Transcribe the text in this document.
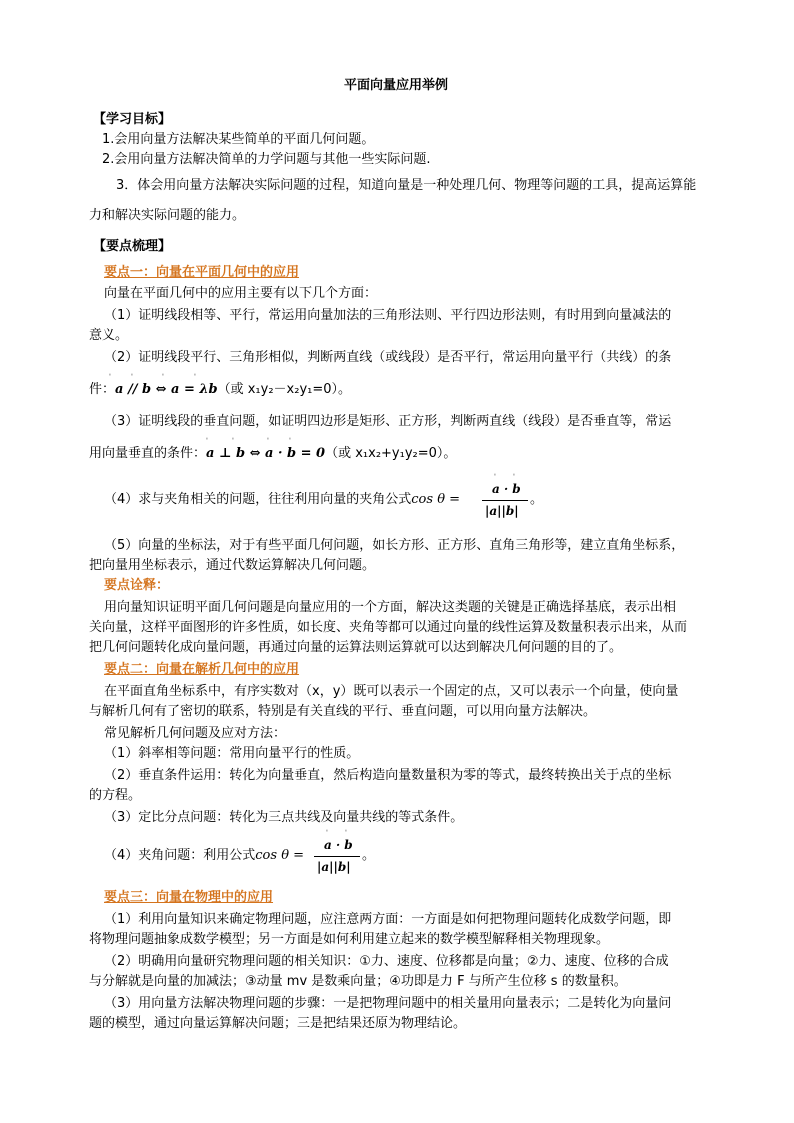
平面向量应用举例
【学习目标】
1.会用向量方法解决某些简单的平面几何问题。
2.会用向量方法解决简单的力学问题与其他一些实际问题.
3．体会用向量方法解决实际问题的过程，知道向量是一种处理几何、物理等问题的工具，提高运算能
力和解决实际问题的能力。
【要点梳理】
要点一：向量在平面几何中的应用
向量在平面几何中的应用主要有以下几个方面：
（1）证明线段相等、平行，常运用向量加法的三角形法则、平行四边形法则，有时用到向量减法的
意义。
（2）证明线段平行、三角形相似，判断两直线（或线段）是否平行，常运用向量平行（共线）的条
件：a // b ⇔ a = λb（或 x₁y₂－x₂y₁=0）。
ˈ	ˈ	ˈ	ˈ
（3）证明线段的垂直问题，如证明四边形是矩形、正方形，判断两直线（线段）是否垂直等，常运
用向量垂直的条件：a ⊥ b ⇔ a · b = 0（或 x₁x₂+y₁y₂=0）。
ˈ	ˈ	ˈ	ˈ
（4）求与夹角相关的问题，往往利用向量的夹角公式cos θ =
a · b
|a||b|
ˈ ˈ
。
（5）向量的坐标法，对于有些平面几何问题，如长方形、正方形、直角三角形等，建立直角坐标系，
把向量用坐标表示，通过代数运算解决几何问题。
要点诠释：
用向量知识证明平面几何问题是向量应用的一个方面，解决这类题的关键是正确选择基底，表示出相
关向量，这样平面图形的许多性质，如长度、夹角等都可以通过向量的线性运算及数量积表示出来，从而
把几何问题转化成向量问题，再通过向量的运算法则运算就可以达到解决几何问题的目的了。
要点二：向量在解析几何中的应用
在平面直角坐标系中，有序实数对（x，y）既可以表示一个固定的点，又可以表示一个向量，使向量
与解析几何有了密切的联系，特别是有关直线的平行、垂直问题，可以用向量方法解决。
常见解析几何问题及应对方法：
（1）斜率相等问题：常用向量平行的性质。
（2）垂直条件运用：转化为向量垂直，然后构造向量数量积为零的等式，最终转换出关于点的坐标
的方程。
（3）定比分点问题：转化为三点共线及向量共线的等式条件。
（4）夹角问题：利用公式cos θ =
a · b
|a||b|
ˈ ˈ
。
要点三：向量在物理中的应用
（1）利用向量知识来确定物理问题，应注意两方面：一方面是如何把物理问题转化成数学问题，即
将物理问题抽象成数学模型；另一方面是如何利用建立起来的数学模型解释相关物理现象。
（2）明确用向量研究物理问题的相关知识：①力、速度、位移都是向量；②力、速度、位移的合成
与分解就是向量的加减法；③动量 mv 是数乘向量；④功即是力 F 与所产生位移 s 的数量积。
（3）用向量方法解决物理问题的步骤：一是把物理问题中的相关量用向量表示；二是转化为向量问
题的模型，通过向量运算解决问题；三是把结果还原为物理结论。
